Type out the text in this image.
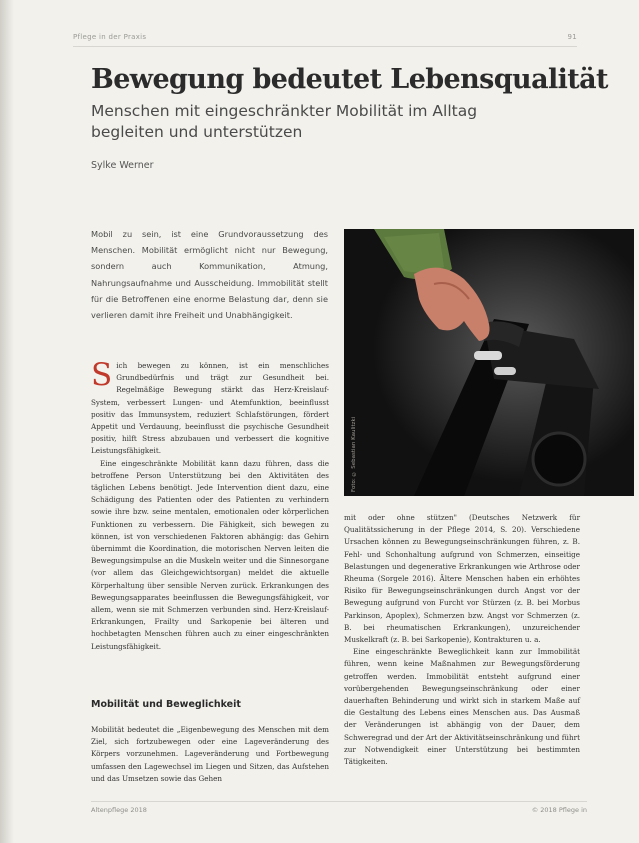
Pflege in der Praxis	91
Bewegung bedeutet Lebensqualität
Menschen mit eingeschränkter Mobilität im Alltag begleiten und unterstützen
Sylke Werner

Mobil zu sein, ist eine Grundvoraussetzung des Menschen. Mobilität ermöglicht nicht nur Bewegung, sondern auch Kommunikation, Atmung, Nahrungsaufnahme und Ausscheidung. Immobilität stellt für die Betroffenen eine enorme Belastung dar, denn sie verlieren damit ihre Freiheit und Unabhängigkeit.

Foto: © Sebastian Kaulitzki

Sich bewegen zu können, ist ein menschliches Grundbedürfnis und trägt zur Gesundheit bei. Regelmäßige Bewegung stärkt das Herz-Kreislauf-System, verbessert Lungen- und Atemfunktion, beeinflusst positiv das Immunsystem, reduziert Schlafstörungen, fördert Appetit und Verdauung, beeinflusst die psychische Gesundheit positiv, hilft Stress abzubauen und verbessert die kognitive Leistungsfähigkeit.

Eine eingeschränkte Mobilität kann dazu führen, dass die betroffene Person Unterstützung bei den Aktivitäten des täglichen Lebens benötigt. Jede Intervention dient dazu, eine Schädigung des Patienten oder des Patienten zu verhindern sowie ihre bzw. seine mentalen, emotionalen oder körperlichen Funktionen zu verbessern. Die Fähigkeit, sich bewegen zu können, ist von verschiedenen Faktoren abhängig: das Gehirn übernimmt die Koordination, die motorischen Nerven leiten die Bewegungsimpulse an die Muskeln weiter und die Sinnesorgane (vor allem das Gleichgewichtsorgan) meldet die aktuelle Körperhaltung über sensible Nerven zurück. Erkrankungen des Bewegungsapparates beeinflussen die Bewegungsfähigkeit, vor allem, wenn sie mit Schmerzen verbunden sind. Herz-Kreislauf-Erkrankungen, Frailty und Sarkopenie bei älteren und hochbetagten Menschen führen auch zu einer eingeschränkten Leistungsfähigkeit.

Mobilität und Beweglichkeit

Mobilität bedeutet die „Eigenbewegung des Menschen mit dem Ziel, sich fortzubewegen oder eine Lageveränderung des Körpers vorzunehmen. Lageveränderung und Fortbewegung umfassen den Lagewechsel im Liegen und Sitzen, das Aufstehen und das Umsetzen sowie das Gehen

mit oder ohne stützen" (Deutsches Netzwerk für Qualitätssicherung in der Pflege 2014, S. 20). Verschiedene Ursachen können zu Bewegungseinschränkungen führen, z. B. Fehl- und Schonhaltung aufgrund von Schmerzen, einseitige Belastungen und degenerative Erkrankungen wie Arthrose oder Rheuma (Sorgele 2016). Ältere Menschen haben ein erhöhtes Risiko für Bewegungseinschränkungen durch Angst vor der Bewegung aufgrund von Furcht vor Stürzen (z. B. bei Morbus Parkinson, Apoplex), Schmerzen bzw. Angst vor Schmerzen (z. B. bei rheumatischen Erkrankungen), unzureichender Muskelkraft (z. B. bei Sarkopenie), Kontrakturen u. a.

Eine eingeschränkte Beweglichkeit kann zur Immobilität führen, wenn keine Maßnahmen zur Bewegungsförderung getroffen werden. Immobilität entsteht aufgrund einer vorübergehenden Bewegungseinschränkung oder einer dauerhaften Behinderung und wirkt sich in starkem Maße auf die Gestaltung des Lebens eines Menschen aus. Das Ausmaß der Veränderungen ist abhängig von der Dauer, dem Schweregrad und der Art der Aktivitätseinschränkung und führt zur Notwendigkeit einer Unterstützung bei bestimmten Tätigkeiten.

Altenpflege 2018	© 2018 Pflege in
